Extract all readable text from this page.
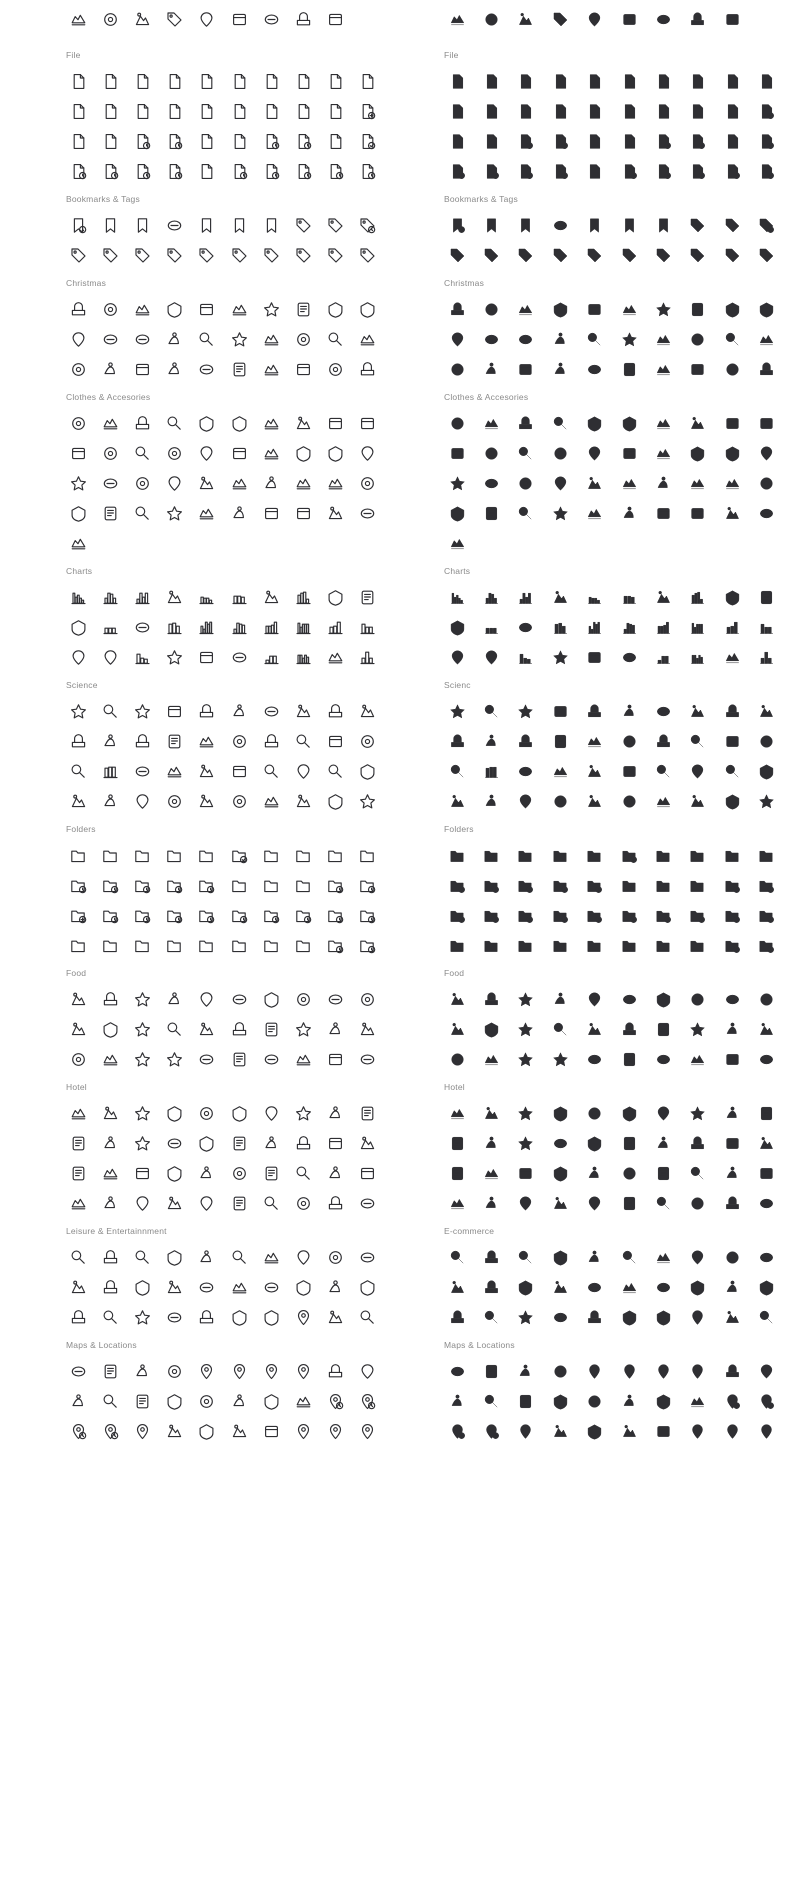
File
Bookmarks & Tags
Christmas
Clothes & Accesories
Charts
Science
Folders
Food
Hotel
Leisure & Entertainnment
Maps & Locations
File
Bookmarks & Tags
Christmas
Clothes & Accesories
Charts
Scienc
Folders
Food
Hotel
E-commerce
Maps & Locations
